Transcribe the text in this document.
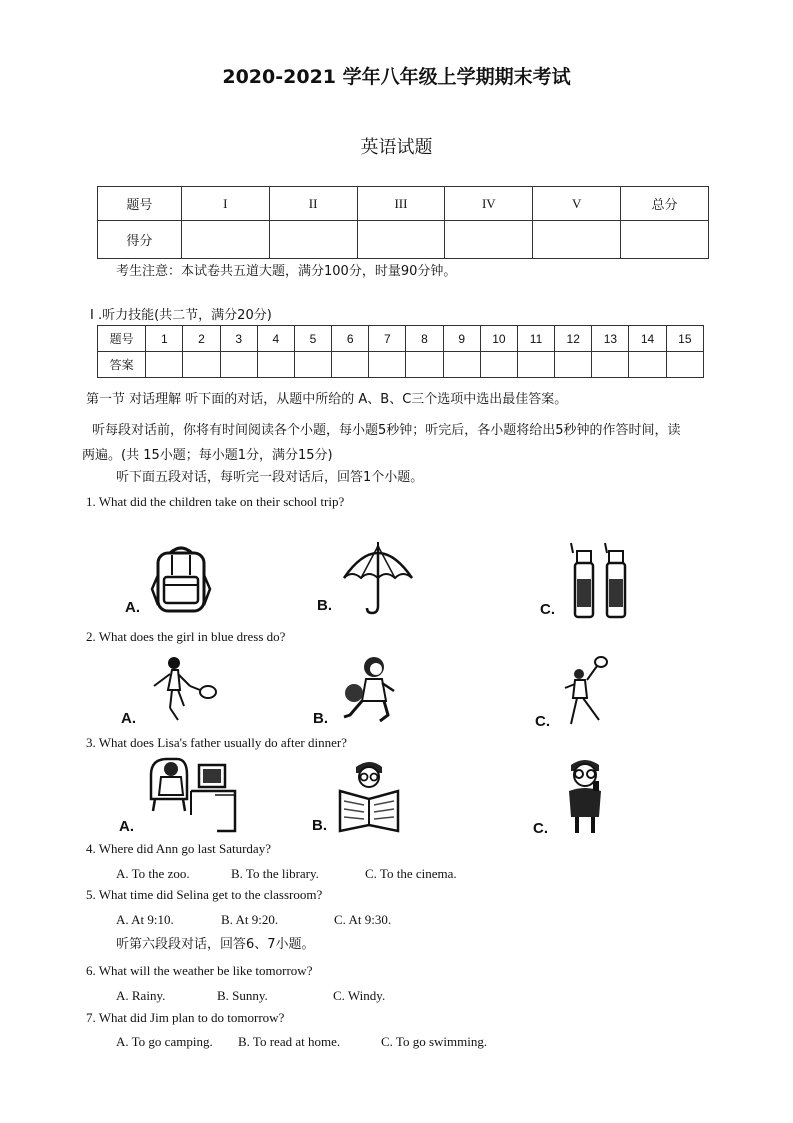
2020-2021 学年八年级上学期期末考试
英语试题
题号	I	II	III	IV	V	总分
得分						
考生注意：本试卷共五道大题，满分100分，时量90分钟。
I .听力技能(共二节，满分20分)
题号	1	2	3	4	5	6	7	8	9	10	11	12	13	14	15
答案															
第一节 对话理解 听下面的对话，从题中所给的 A、B、C三个选项中选出最佳答案。
听每段对话前，你将有时间阅读各个小题，每小题5秒钟；听完后，各小题将给出5秒钟的作答时间，读
两遍。(共 15小题；每小题1分，满分15分)
听下面五段对话，每听完一段对话后，回答1个小题。
1. What did the children take on their school trip?
A.	B.	C.
2. What does the girl in blue dress do?
A.	B.	C.
3. What does Lisa's father usually do after dinner?
A.	B.	C.
4. Where did Ann go last Saturday?
A. To the zoo.	B. To the library.	C. To the cinema.
5. What time did Selina get to the classroom?
A. At 9:10.	B. At 9:20.	C. At 9:30.
听第六段段对话，回答6、7小题。
6. What will the weather be like tomorrow?
A. Rainy.	B. Sunny.	C. Windy.
7. What did Jim plan to do tomorrow?
A. To go camping. B. To read at home.	C. To go swimming.
